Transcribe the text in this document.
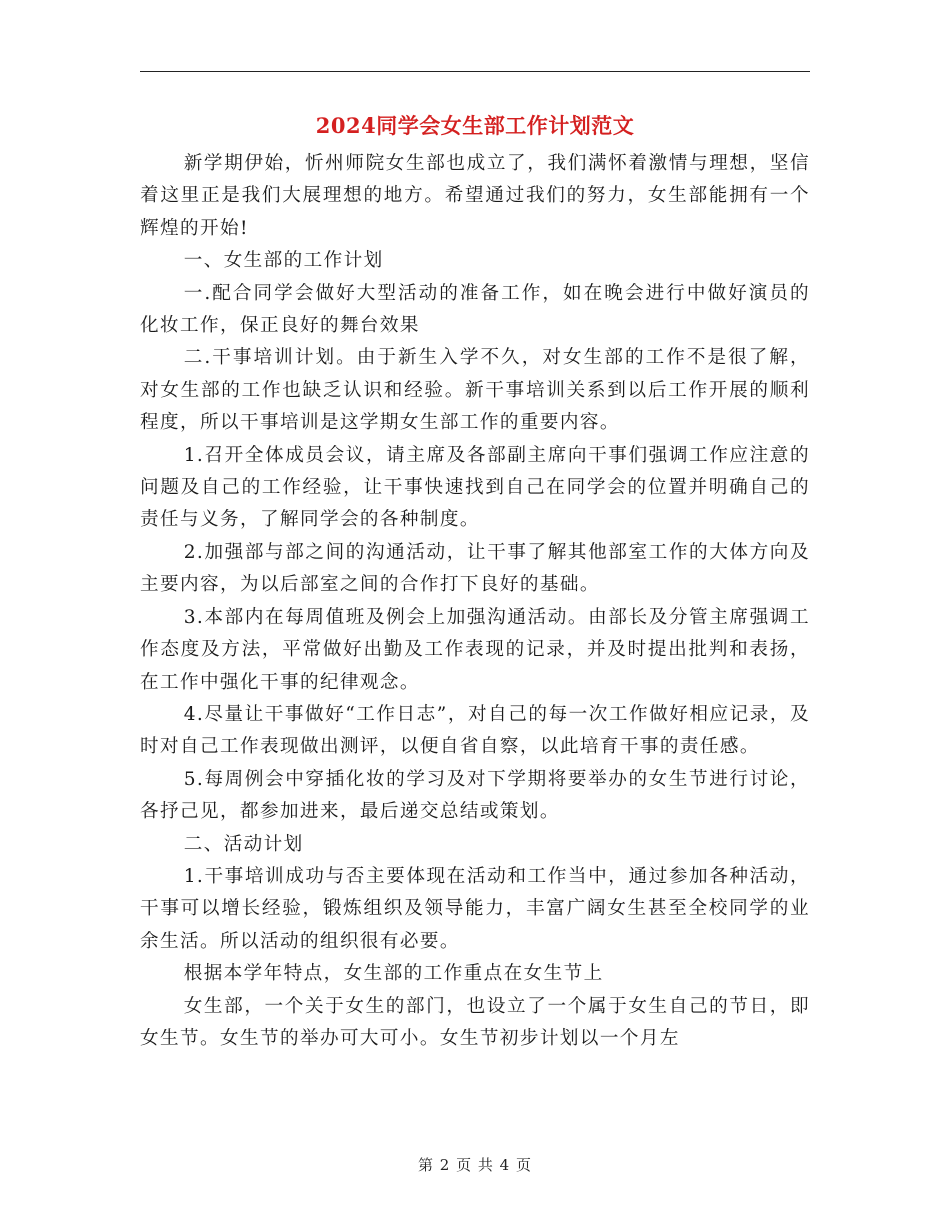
2024同学会女生部工作计划范文

新学期伊始，忻州师院女生部也成立了，我们满怀着激情与理想，坚信着这里正是我们大展理想的地方。希望通过我们的努力，女生部能拥有一个辉煌的开始!

一、女生部的工作计划

一.配合同学会做好大型活动的准备工作，如在晚会进行中做好演员的化妆工作，保正良好的舞台效果

二.干事培训计划。由于新生入学不久，对女生部的工作不是很了解，对女生部的工作也缺乏认识和经验。新干事培训关系到以后工作开展的顺利程度，所以干事培训是这学期女生部工作的重要内容。

1.召开全体成员会议，请主席及各部副主席向干事们强调工作应注意的问题及自己的工作经验，让干事快速找到自己在同学会的位置并明确自己的责任与义务，了解同学会的各种制度。

2.加强部与部之间的沟通活动，让干事了解其他部室工作的大体方向及主要内容，为以后部室之间的合作打下良好的基础。

3.本部内在每周值班及例会上加强沟通活动。由部长及分管主席强调工作态度及方法，平常做好出勤及工作表现的记录，并及时提出批判和表扬，在工作中强化干事的纪律观念。

4.尽量让干事做好“工作日志”，对自己的每一次工作做好相应记录，及时对自己工作表现做出测评，以便自省自察，以此培育干事的责任感。

5.每周例会中穿插化妆的学习及对下学期将要举办的女生节进行讨论，各抒己见，都参加进来，最后递交总结或策划。

二、活动计划

1.干事培训成功与否主要体现在活动和工作当中，通过参加各种活动，干事可以增长经验，锻炼组织及领导能力，丰富广阔女生甚至全校同学的业余生活。所以活动的组织很有必要。

根据本学年特点，女生部的工作重点在女生节上

女生部，一个关于女生的部门，也设立了一个属于女生自己的节日，即女生节。女生节的举办可大可小。女生节初步计划以一个月左

第 2 页 共 4 页
